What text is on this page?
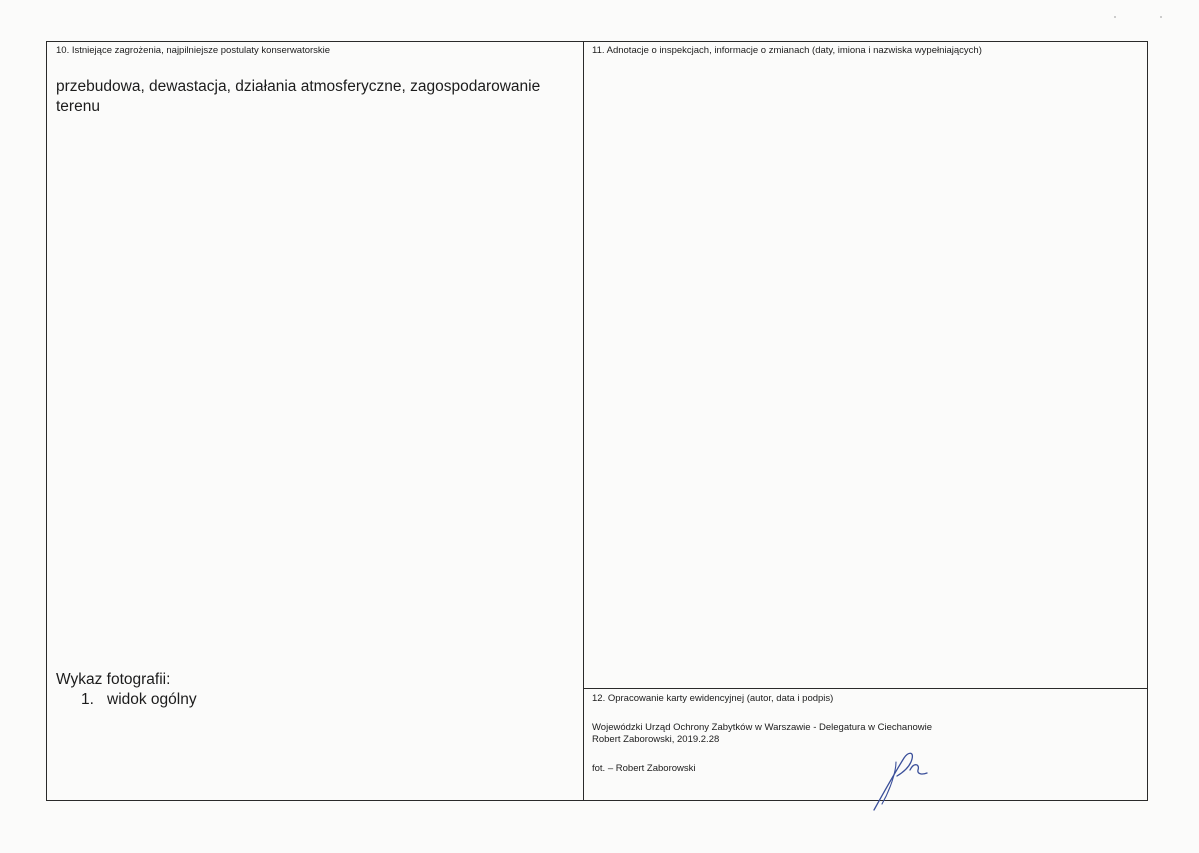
10. Istniejące zagrożenia, najpilniejsze postulaty konserwatorskie
przebudowa, dewastacja, działania atmosferyczne, zagospodarowanie terenu
Wykaz fotografii:
1. widok ogólny
11. Adnotacje o inspekcjach, informacje o zmianach (daty, imiona i nazwiska wypełniających)
12. Opracowanie karty ewidencyjnej (autor, data i podpis)
Wojewódzki Urząd Ochrony Zabytków w Warszawie - Delegatura w Ciechanowie
Robert Zaborowski, 2019.2.28
fot. – Robert Zaborowski
